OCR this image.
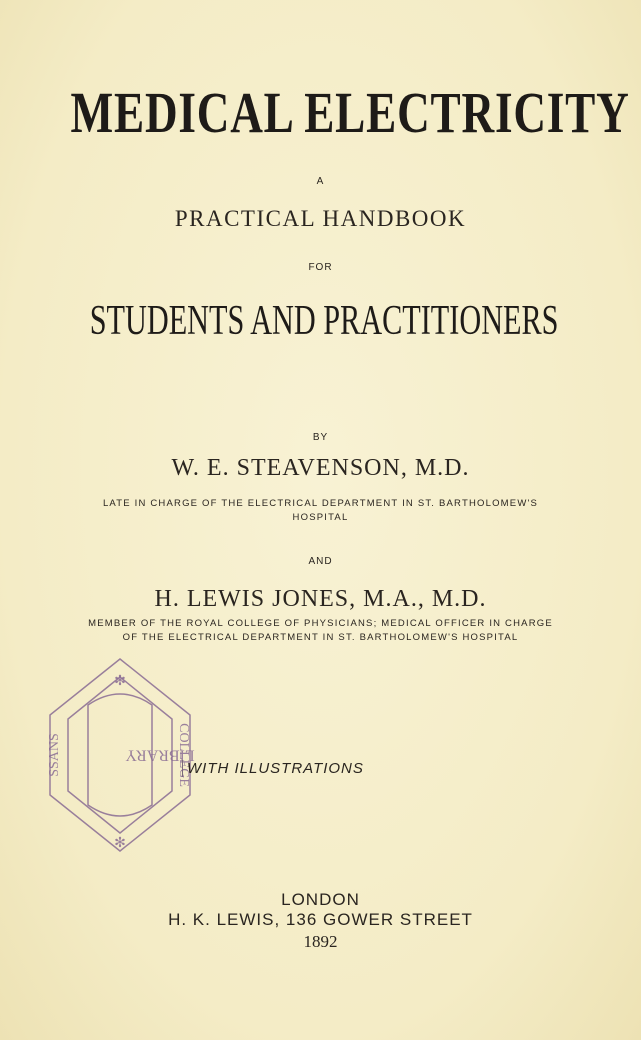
MEDICAL ELECTRICITY
A
PRACTICAL HANDBOOK
FOR
STUDENTS AND PRACTITIONERS
BY
W. E. STEAVENSON, M.D.
LATE IN CHARGE OF THE ELECTRICAL DEPARTMENT IN ST. BARTHOLOMEW'S
HOSPITAL
AND
H. LEWIS JONES, M.A., M.D.
MEMBER OF THE ROYAL COLLEGE OF PHYSICIANS; MEDICAL OFFICER IN CHARGE
OF THE ELECTRICAL DEPARTMENT IN ST. BARTHOLOMEW'S HOSPITAL
SSANS	LIBRARY
COLLEGE
✻
✻
WITH ILLUSTRATIONS
LONDON
H. K. LEWIS, 136 GOWER STREET
1892
